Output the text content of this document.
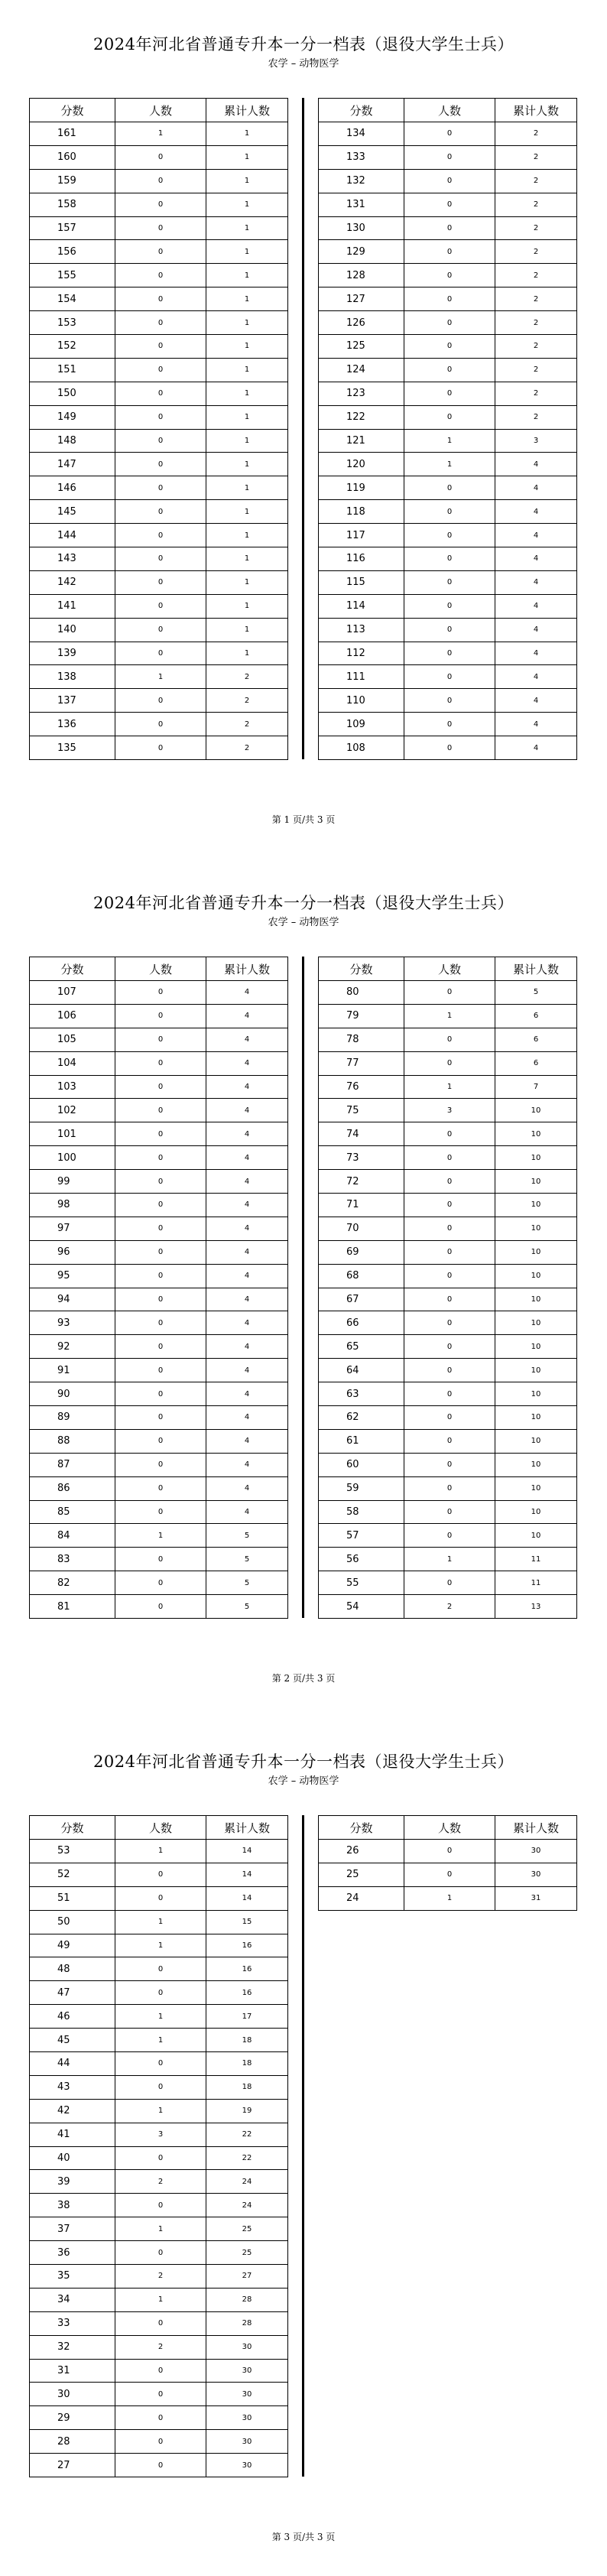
2024年河北省普通专升本一分一档表（退役大学生士兵）
农学 – 动物医学
分数	人数	累计人数
161	1	1
160	0	1
159	0	1
158	0	1
157	0	1
156	0	1
155	0	1
154	0	1
153	0	1
152	0	1
151	0	1
150	0	1
149	0	1
148	0	1
147	0	1
146	0	1
145	0	1
144	0	1
143	0	1
142	0	1
141	0	1
140	0	1
139	0	1
138	1	2
137	0	2
136	0	2
135	0	2
分数	人数	累计人数
134	0	2
133	0	2
132	0	2
131	0	2
130	0	2
129	0	2
128	0	2
127	0	2
126	0	2
125	0	2
124	0	2
123	0	2
122	0	2
121	1	3
120	1	4
119	0	4
118	0	4
117	0	4
116	0	4
115	0	4
114	0	4
113	0	4
112	0	4
111	0	4
110	0	4
109	0	4
108	0	4
第 1 页/共 3 页
2024年河北省普通专升本一分一档表（退役大学生士兵）
农学 – 动物医学
分数	人数	累计人数
107	0	4
106	0	4
105	0	4
104	0	4
103	0	4
102	0	4
101	0	4
100	0	4
99	0	4
98	0	4
97	0	4
96	0	4
95	0	4
94	0	4
93	0	4
92	0	4
91	0	4
90	0	4
89	0	4
88	0	4
87	0	4
86	0	4
85	0	4
84	1	5
83	0	5
82	0	5
81	0	5
分数	人数	累计人数
80	0	5
79	1	6
78	0	6
77	0	6
76	1	7
75	3	10
74	0	10
73	0	10
72	0	10
71	0	10
70	0	10
69	0	10
68	0	10
67	0	10
66	0	10
65	0	10
64	0	10
63	0	10
62	0	10
61	0	10
60	0	10
59	0	10
58	0	10
57	0	10
56	1	11
55	0	11
54	2	13
第 2 页/共 3 页
2024年河北省普通专升本一分一档表（退役大学生士兵）
农学 – 动物医学
分数	人数	累计人数
53	1	14
52	0	14
51	0	14
50	1	15
49	1	16
48	0	16
47	0	16
46	1	17
45	1	18
44	0	18
43	0	18
42	1	19
41	3	22
40	0	22
39	2	24
38	0	24
37	1	25
36	0	25
35	2	27
34	1	28
33	0	28
32	2	30
31	0	30
30	0	30
29	0	30
28	0	30
27	0	30
分数	人数	累计人数
26	0	30
25	0	30
24	1	31
第 3 页/共 3 页
